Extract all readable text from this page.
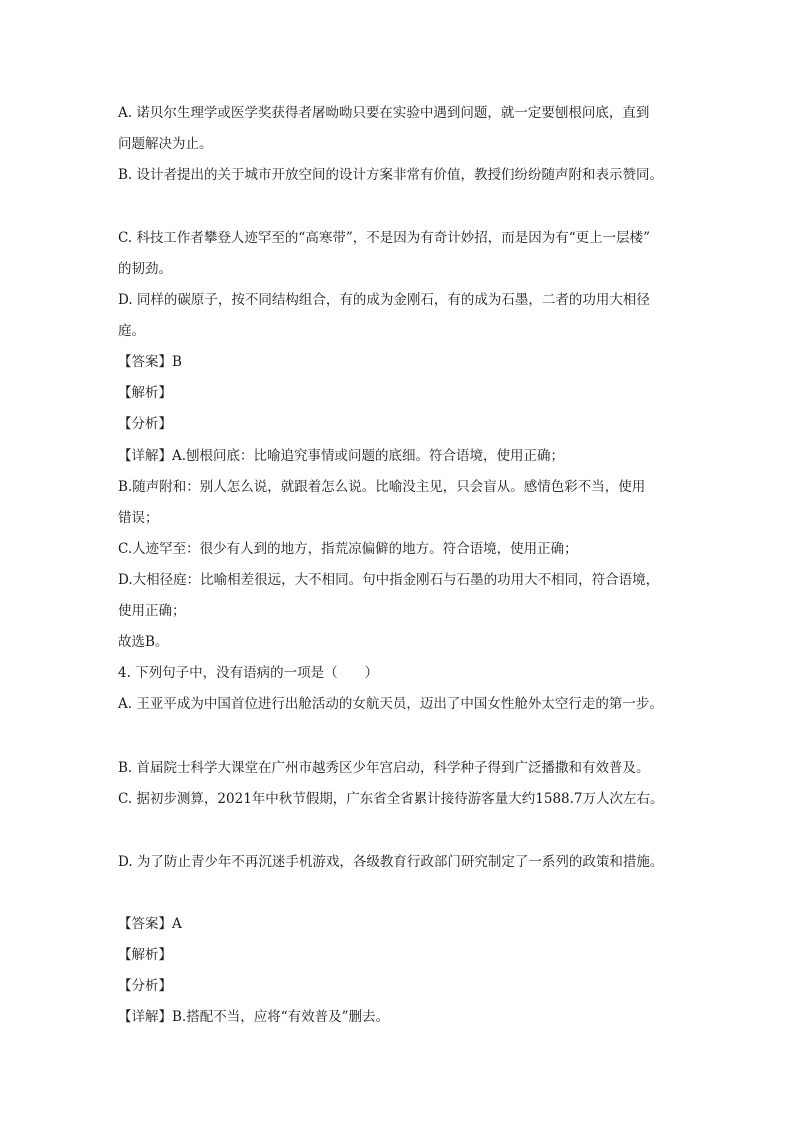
A. 诺贝尔生理学或医学奖获得者屠呦呦只要在实验中遇到问题，就一定要刨根问底，直到
问题解决为止。
B. 设计者提出的关于城市开放空间的设计方案非常有价值，教授们纷纷随声附和表示赞同。
C. 科技工作者攀登人迹罕至的“高寒带”，不是因为有奇计妙招，而是因为有“更上一层楼”
的韧劲。
D. 同样的碳原子，按不同结构组合，有的成为金刚石，有的成为石墨，二者的功用大相径
庭。
【答案】B
【解析】
【分析】
【详解】A.刨根问底：比喻追究事情或问题的底细。符合语境，使用正确；
B.随声附和：别人怎么说，就跟着怎么说。比喻没主见，只会盲从。感情色彩不当，使用
错误；
C.人迹罕至：很少有人到的地方，指荒凉偏僻的地方。符合语境，使用正确；
D.大相径庭：比喻相差很远，大不相同。句中指金刚石与石墨的功用大不相同，符合语境，
使用正确；
故选B。
4. 下列句子中，没有语病的一项是（　　）
A. 王亚平成为中国首位进行出舱活动的女航天员，迈出了中国女性舱外太空行走的第一步。
B. 首届院士科学大课堂在广州市越秀区少年宫启动，科学种子得到广泛播撒和有效普及。
C. 据初步测算，2021年中秋节假期，广东省全省累计接待游客量大约1588.7万人次左右。
D. 为了防止青少年不再沉迷手机游戏，各级教育行政部门研究制定了一系列的政策和措施。
【答案】A
【解析】
【分析】
【详解】B.搭配不当，应将“有效普及”删去。
